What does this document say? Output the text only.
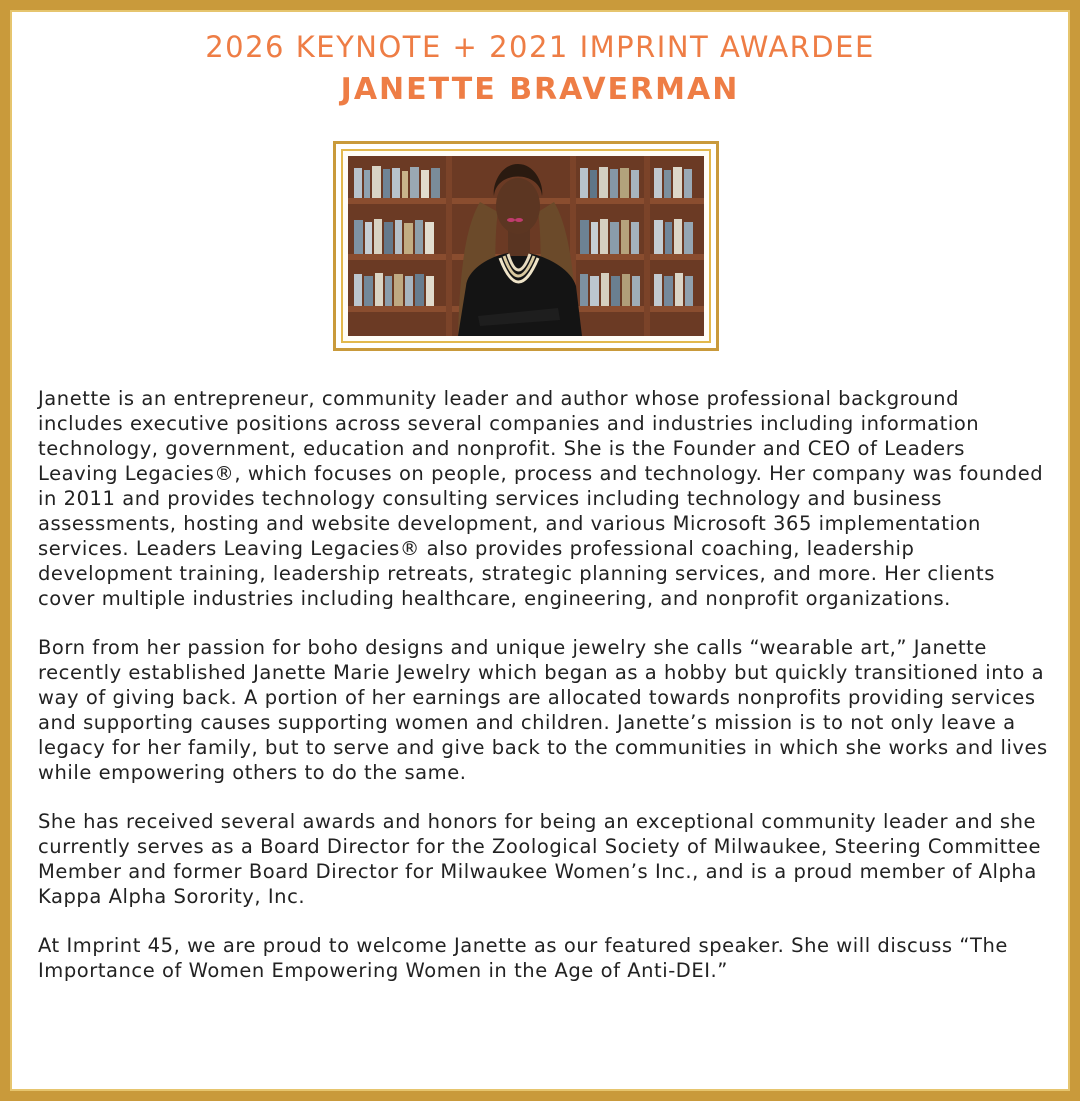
2026 KEYNOTE + 2021 IMPRINT AWARDEE
JANETTE BRAVERMAN

Janette is an entrepreneur, community leader and author whose professional background includes executive positions across several companies and industries including information technology, government, education and nonprofit. She is the Founder and CEO of Leaders Leaving Legacies®, which focuses on people, process and technology. Her company was founded in 2011 and provides technology consulting services including technology and business assessments, hosting and website development, and various Microsoft 365 implementation services. Leaders Leaving Legacies® also provides professional coaching, leadership development training, leadership retreats, strategic planning services, and more. Her clients cover multiple industries including healthcare, engineering, and nonprofit organizations.

Born from her passion for boho designs and unique jewelry she calls “wearable art,” Janette recently established Janette Marie Jewelry which began as a hobby but quickly transitioned into a way of giving back. A portion of her earnings are allocated towards nonprofits providing services and supporting causes supporting women and children. Janette’s mission is to not only leave a legacy for her family, but to serve and give back to the communities in which she works and lives while empowering others to do the same.

She has received several awards and honors for being an exceptional community leader and she currently serves as a Board Director for the Zoological Society of Milwaukee, Steering Committee Member and former Board Director for Milwaukee Women’s Inc., and is a proud member of Alpha Kappa Alpha Sorority, Inc.

At Imprint 45, we are proud to welcome Janette as our featured speaker. She will discuss “The Importance of Women Empowering Women in the Age of Anti-DEI.”
